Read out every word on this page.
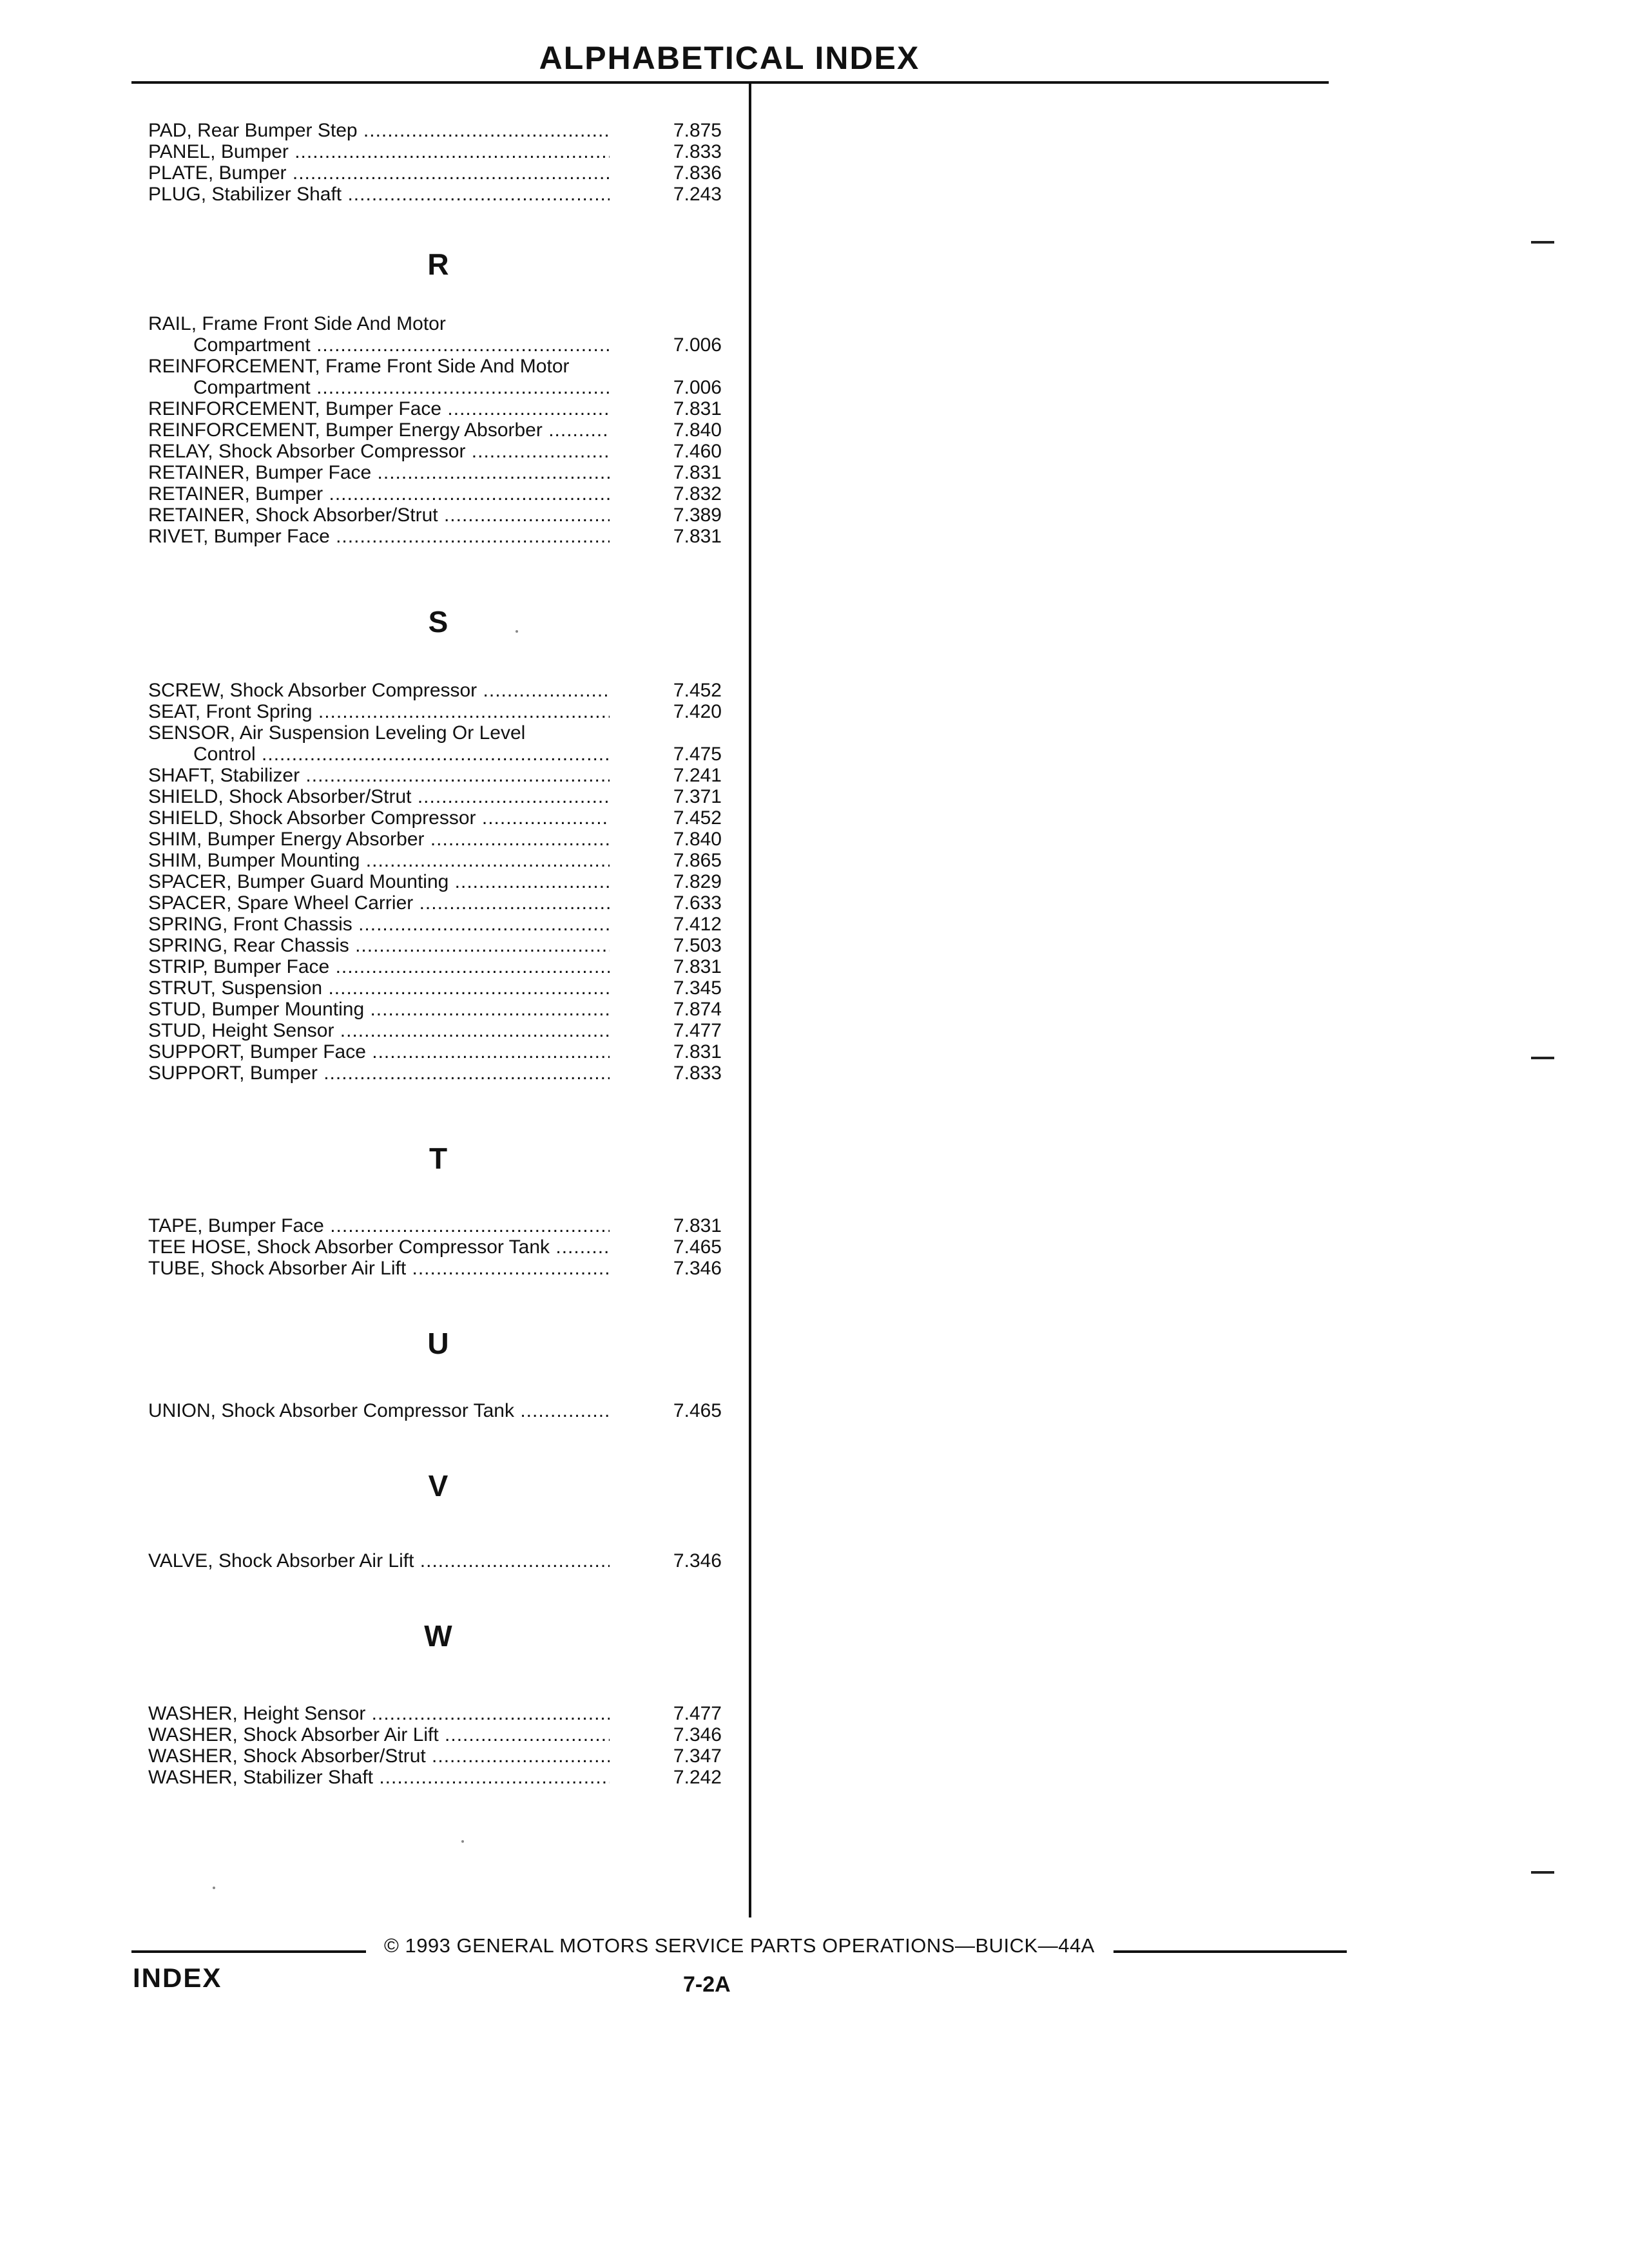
ALPHABETICAL INDEX
PAD, Rear Bumper Step .....	7.875
PANEL, Bumper .....	7.833
PLATE, Bumper .....	7.836
PLUG, Stabilizer Shaft .....	7.243
R
RAIL, Frame Front Side And Motor
Compartment .....	7.006
REINFORCEMENT, Frame Front Side And Motor
Compartment .....	7.006
REINFORCEMENT, Bumper Face .....	7.831
REINFORCEMENT, Bumper Energy Absorber .....	7.840
RELAY, Shock Absorber Compressor .....	7.460
RETAINER, Bumper Face .....	7.831
RETAINER, Bumper .....	7.832
RETAINER, Shock Absorber/Strut .....	7.389
RIVET, Bumper Face .....	7.831
S
SCREW, Shock Absorber Compressor .....	7.452
SEAT, Front Spring .....	7.420
SENSOR, Air Suspension Leveling Or Level
Control .....	7.475
SHAFT, Stabilizer .....	7.241
SHIELD, Shock Absorber/Strut .....	7.371
SHIELD, Shock Absorber Compressor .....	7.452
SHIM, Bumper Energy Absorber .....	7.840
SHIM, Bumper Mounting .....	7.865
SPACER, Bumper Guard Mounting .....	7.829
SPACER, Spare Wheel Carrier .....	7.633
SPRING, Front Chassis .....	7.412
SPRING, Rear Chassis .....	7.503
STRIP, Bumper Face .....	7.831
STRUT, Suspension .....	7.345
STUD, Bumper Mounting .....	7.874
STUD, Height Sensor .....	7.477
SUPPORT, Bumper Face .....	7.831
SUPPORT, Bumper .....	7.833
T
TAPE, Bumper Face .....	7.831
TEE HOSE, Shock Absorber Compressor Tank .....	7.465
TUBE, Shock Absorber Air Lift .....	7.346
U
UNION, Shock Absorber Compressor Tank .....	7.465
V
VALVE, Shock Absorber Air Lift .....	7.346
W
WASHER, Height Sensor .....	7.477
WASHER, Shock Absorber Air Lift .....	7.346
WASHER, Shock Absorber/Strut .....	7.347
WASHER, Stabilizer Shaft .....	7.242
© 1993 GENERAL MOTORS SERVICE PARTS OPERATIONS—BUICK—44A
INDEX	7-2A
